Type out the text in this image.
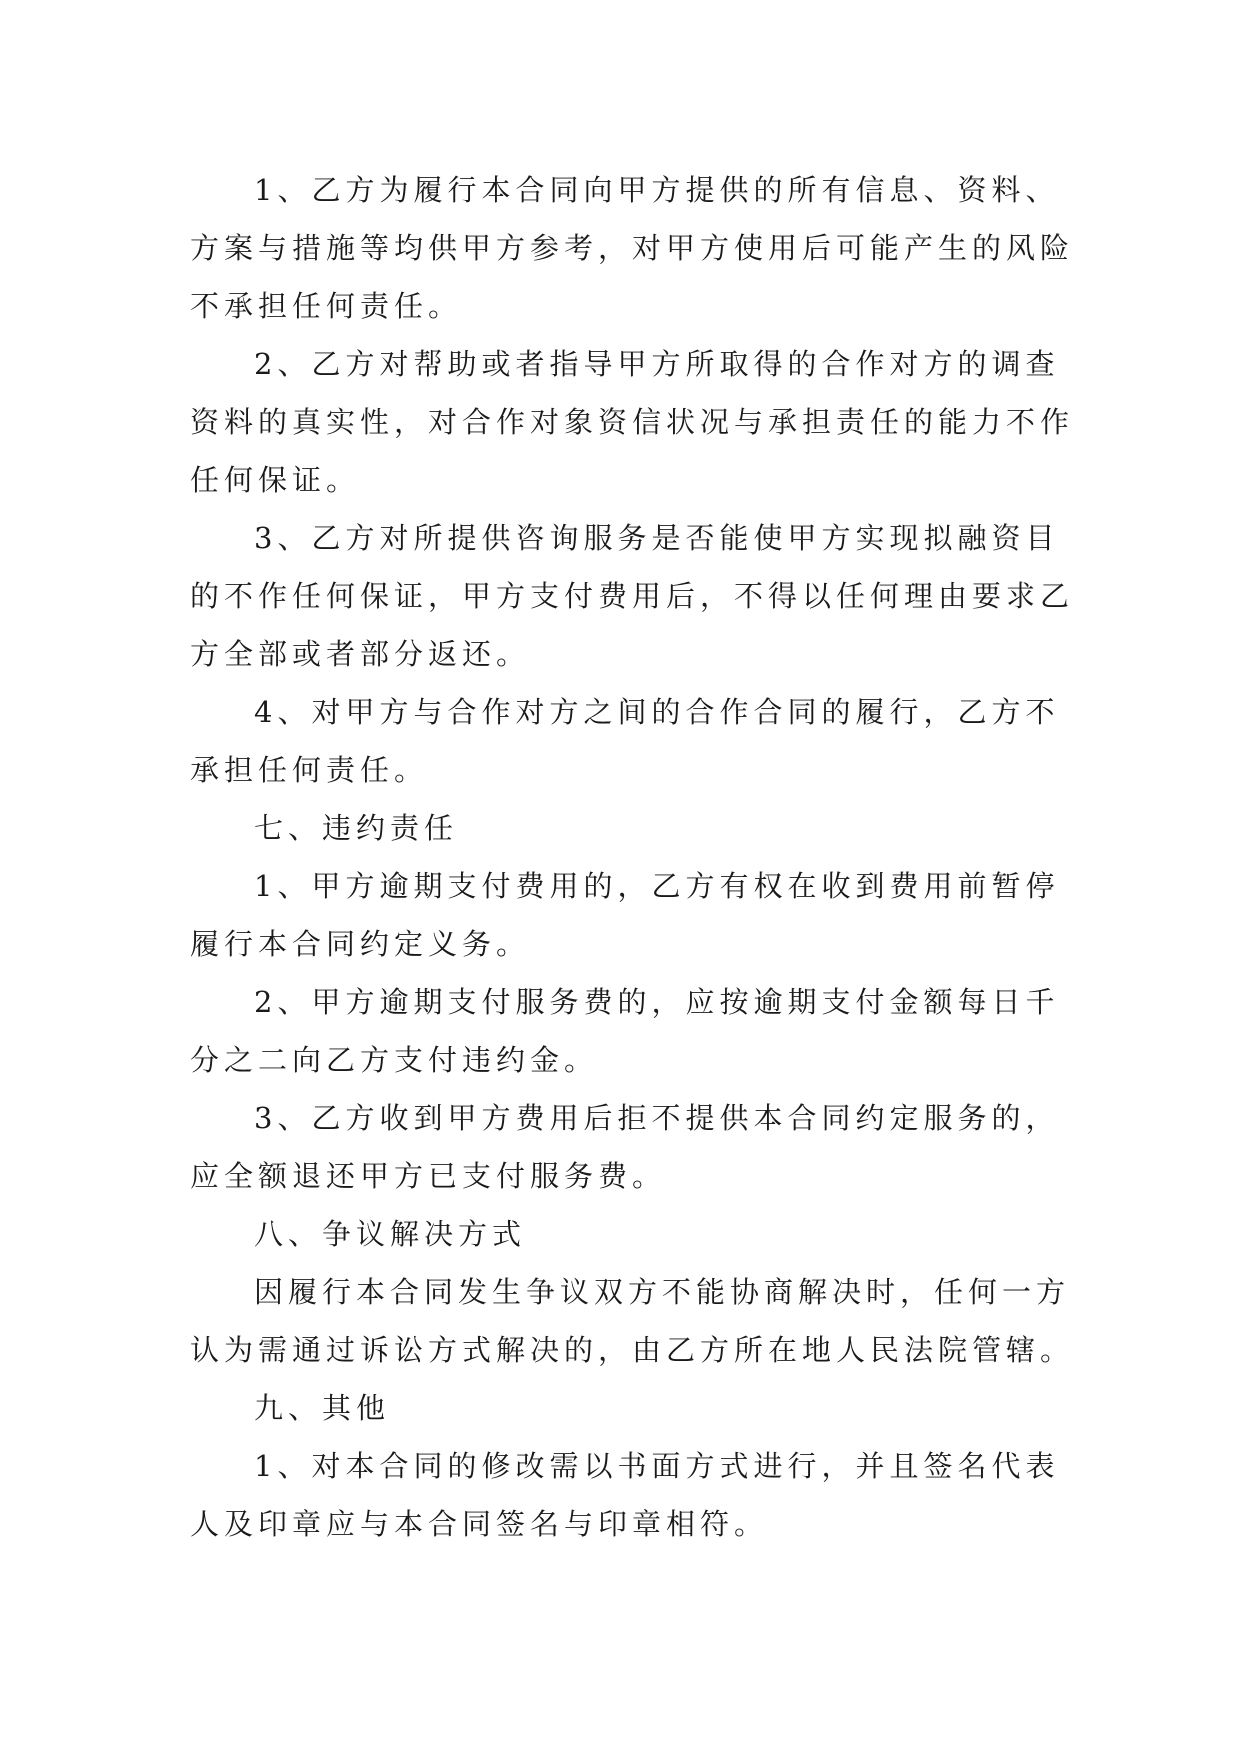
1、乙方为履行本合同向甲方提供的所有信息、资料、

方案与措施等均供甲方参考，对甲方使用后可能产生的风险

不承担任何责任。

2、乙方对帮助或者指导甲方所取得的合作对方的调查

资料的真实性，对合作对象资信状况与承担责任的能力不作

任何保证。

3、乙方对所提供咨询服务是否能使甲方实现拟融资目

的不作任何保证，甲方支付费用后，不得以任何理由要求乙

方全部或者部分返还。

4、对甲方与合作对方之间的合作合同的履行，乙方不

承担任何责任。

七、违约责任

1、甲方逾期支付费用的，乙方有权在收到费用前暂停

履行本合同约定义务。

2、甲方逾期支付服务费的，应按逾期支付金额每日千

分之二向乙方支付违约金。

3、乙方收到甲方费用后拒不提供本合同约定服务的，

应全额退还甲方已支付服务费。

八、争议解决方式

因履行本合同发生争议双方不能协商解决时，任何一方

认为需通过诉讼方式解决的，由乙方所在地人民法院管辖。

九、其他

1、对本合同的修改需以书面方式进行，并且签名代表

人及印章应与本合同签名与印章相符。
